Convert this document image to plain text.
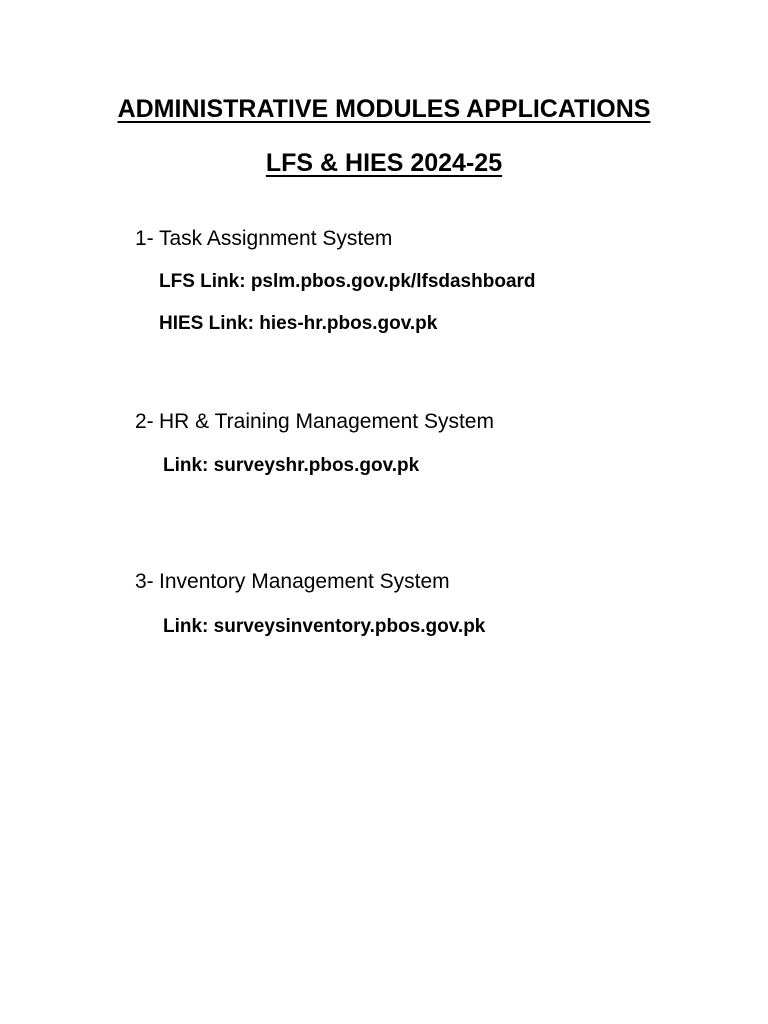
ADMINISTRATIVE MODULES APPLICATIONS
LFS & HIES 2024-25
1- Task Assignment System
LFS Link: pslm.pbos.gov.pk/lfsdashboard
HIES Link: hies-hr.pbos.gov.pk
2- HR & Training Management System
Link: surveyshr.pbos.gov.pk
3- Inventory Management System
Link: surveysinventory.pbos.gov.pk
